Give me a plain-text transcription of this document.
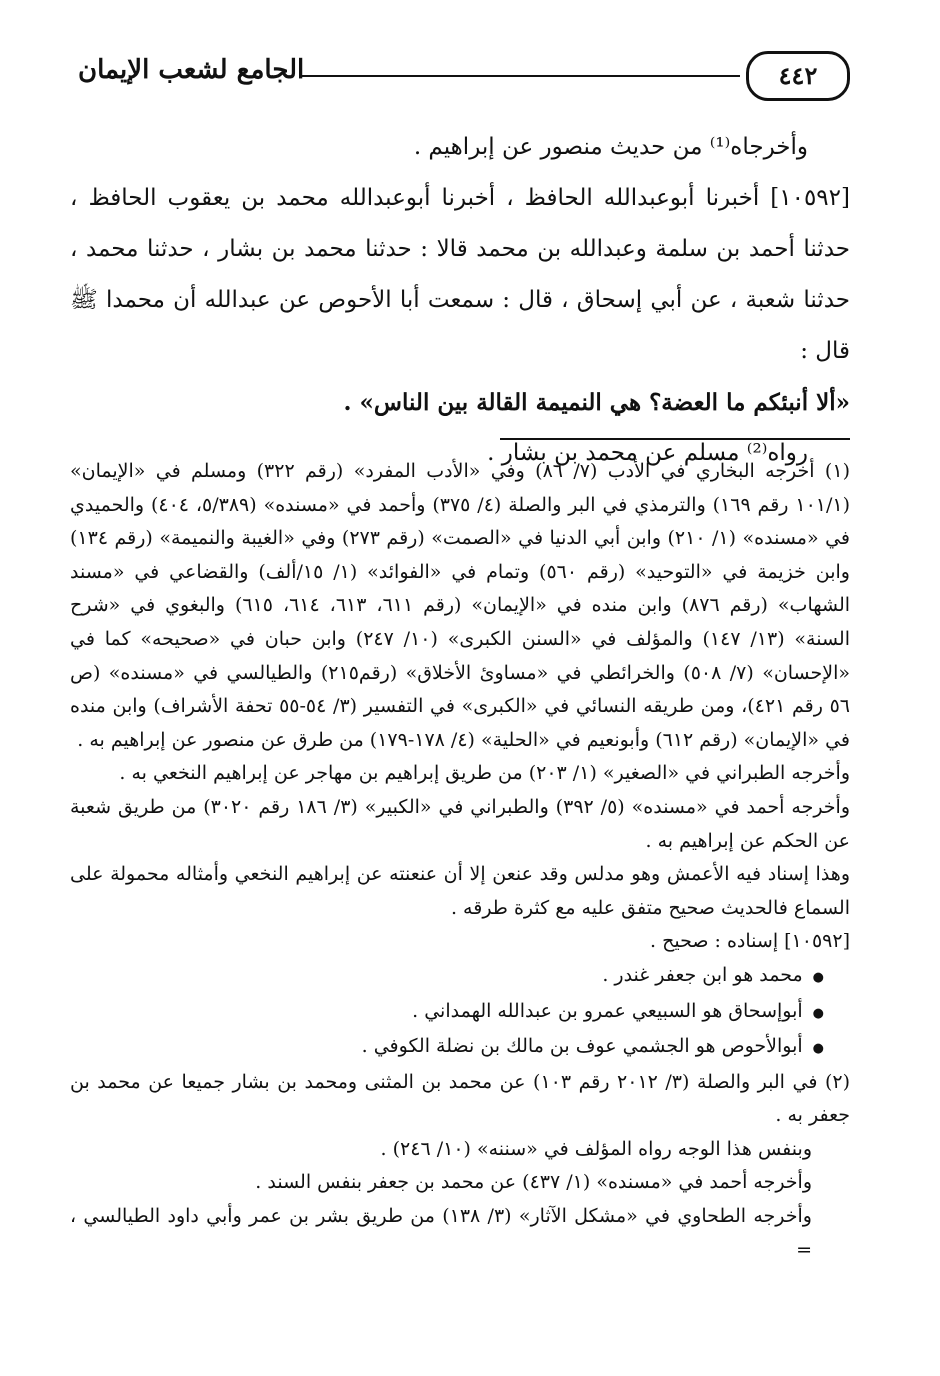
الجامع لشعب الإيمان	٤٤٢

وأخرجاه⁽¹⁾ من حديث منصور عن إبراهيم .

[١٠٥٩٢] أخبرنا أبوعبدالله الحافظ ، أخبرنا أبوعبدالله محمد بن يعقوب الحافظ ، حدثنا أحمد بن سلمة وعبدالله بن محمد قالا : حدثنا محمد بن بشار ، حدثنا محمد ، حدثنا شعبة ، عن أبي إسحاق ، قال : سمعت أبا الأحوص عن عبدالله أن محمدا ﷺ قال :

«ألا أنبئكم ما العضة؟ هي النميمة القالة بين الناس» .

رواه⁽²⁾ مسلم عن محمد بن بشار .

(١) أخرجه البخاري في الأدب (٧/ ٨٦) وفي «الأدب المفرد» (رقم ٣٢٢) ومسلم في «الإيمان» (١٠١/١ رقم ١٦٩) والترمذي في البر والصلة (٤/ ٣٧٥) وأحمد في «مسنده» (٥/٣٨٩، ٤٠٤) والحميدي في «مسنده» (١/ ٢١٠) وابن أبي الدنيا في «الصمت» (رقم ٢٧٣) وفي «الغيبة والنميمة» (رقم ١٣٤) وابن خزيمة في «التوحيد» (رقم ٥٦٠) وتمام في «الفوائد» (١/ ١٥/ألف) والقضاعي في «مسند الشهاب» (رقم ٨٧٦) وابن منده في «الإيمان» (رقم ٦١١، ٦١٣، ٦١٤، ٦١٥) والبغوي في «شرح السنة» (١٣/ ١٤٧) والمؤلف في «السنن الكبرى» (١٠/ ٢٤٧) وابن حبان في «صحيحه» كما في «الإحسان» (٧/ ٥٠٨) والخرائطي في «مساوئ الأخلاق» (رقم٢١٥) والطيالسي في «مسنده» (ص ٥٦ رقم ٤٢١)، ومن طريقه النسائي في «الكبرى» في التفسير (٣/ ٥٤-٥٥ تحفة الأشراف) وابن منده في «الإيمان» (رقم ٦١٢) وأبونعيم في «الحلية» (٤/ ١٧٨-١٧٩) من طرق عن منصور عن إبراهيم به .

وأخرجه الطبراني في «الصغير» (١/ ٢٠٣) من طريق إبراهيم بن مهاجر عن إبراهيم النخعي به .

وأخرجه أحمد في «مسنده» (٥/ ٣٩٢) والطبراني في «الكبير» (٣/ ١٨٦ رقم ٣٠٢٠) من طريق شعبة عن الحكم عن إبراهيم به .

وهذا إسناد فيه الأعمش وهو مدلس وقد عنعن إلا أن عنعنته عن إبراهيم النخعي وأمثاله محمولة على السماع فالحديث صحيح متفق عليه مع كثرة طرقه .

[١٠٥٩٢] إسناده : صحيح .

● محمد هو ابن جعفر غندر .

● أبوإسحاق هو السبيعي عمرو بن عبدالله الهمداني .

● أبوالأحوص هو الجشمي عوف بن مالك بن نضلة الكوفي .

(٢) في البر والصلة (٣/ ٢٠١٢ رقم ١٠٣) عن محمد بن المثنى ومحمد بن بشار جميعا عن محمد بن جعفر به .

وبنفس هذا الوجه رواه المؤلف في «سننه» (١٠/ ٢٤٦) .

وأخرجه أحمد في «مسنده» (١/ ٤٣٧) عن محمد بن جعفر بنفس السند .

وأخرجه الطحاوي في «مشكل الآثار» (٣/ ١٣٨) من طريق بشر بن عمر وأبي داود الطيالسي ، =
